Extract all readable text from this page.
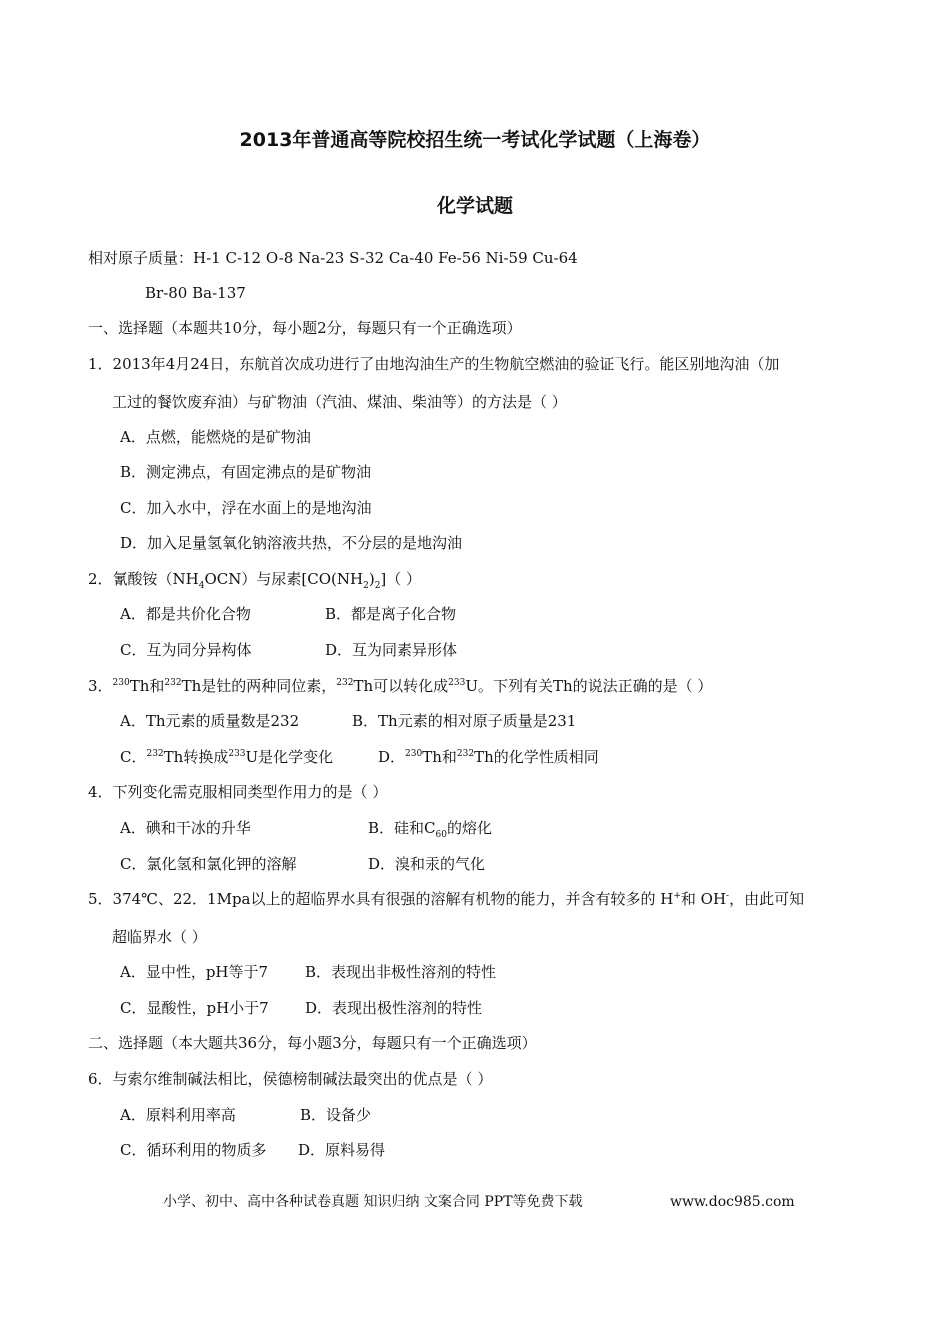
2013年普通高等院校招生统一考试化学试题（上海卷）
化学试题
相对原子质量：H-1 C-12 O-8 Na-23 S-32 Ca-40 Fe-56 Ni-59 Cu-64
Br-80 Ba-137
一、选择题（本题共10分，每小题2分，每题只有一个正确选项）
1．2013年4月24日，东航首次成功进行了由地沟油生产的生物航空燃油的验证飞行。能区别地沟油（加
工过的餐饮废弃油）与矿物油（汽油、煤油、柴油等）的方法是（ ）
A．点燃，能燃烧的是矿物油
B．测定沸点，有固定沸点的是矿物油
C．加入水中，浮在水面上的是地沟油
D．加入足量氢氧化钠溶液共热，不分层的是地沟油
2．氰酸铵$(NH_4OCN)$与尿素$[CO(NH_2)_2]$（ ）
A．都是共价化合物	B．都是离子化合物
C．互为同分异构体	D．互为同素异形体
3．$^{230}$Th和$^{232}$Th是钍的两种同位素，$^{232}$Th可以转化成$^{233}$U。下列有关Th的说法正确的是（ ）
A．Th元素的质量数是232	B．Th元素的相对原子质量是231
C．$^{232}$Th转换成$^{233}$U是化学变化	D．$^{230}$Th和$^{232}$Th的化学性质相同
4．下列变化需克服相同类型作用力的是（ ）
A．碘和干冰的升华	B．硅和$C_{60}$的熔化
C．氯化氢和氯化钾的溶解	D．溴和汞的气化
5．374℃、22．1Mpa以上的超临界水具有很强的溶解有机物的能力，并含有较多的 H+和 OH-，由此可知
超临界水（ ）
A．显中性，pH等于7 B．表现出非极性溶剂的特性
C．显酸性，pH小于7 D．表现出极性溶剂的特性
二、选择题（本大题共36分，每小题3分，每题只有一个正确选项）
6．与索尔维制碱法相比，侯德榜制碱法最突出的优点是（ ）
A．原料利用率高	B．设备少
C．循环利用的物质多 D．原料易得
小学、初中、高中各种试卷真题 知识归纳 文案合同 PPT等免费下载	www.doc985.com
